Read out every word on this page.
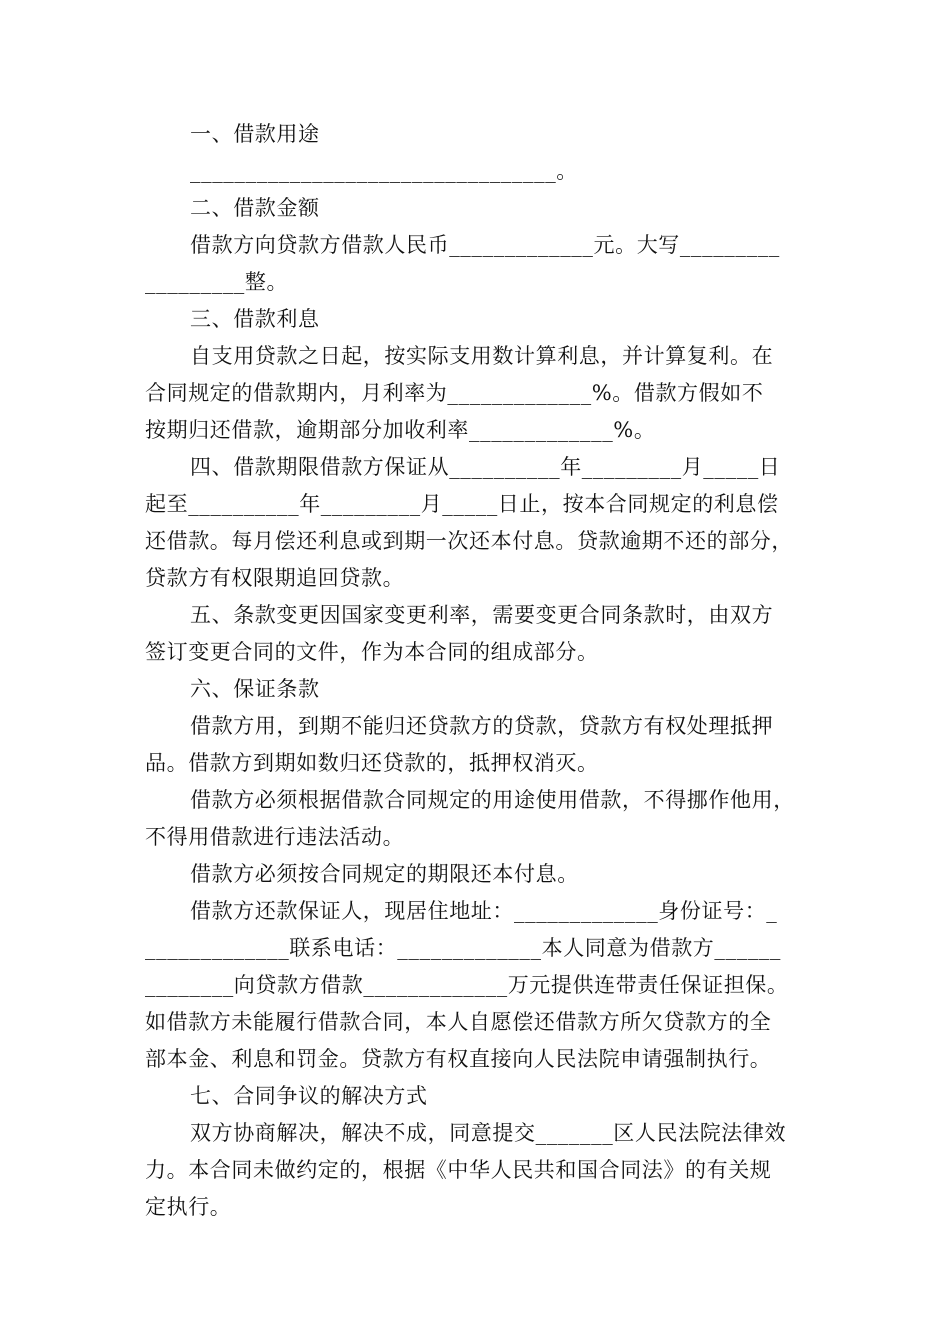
一、借款用途
_________________________________。
二、借款金额
借款方向贷款方借款人民币_____________元。大写_________
_________整。
三、借款利息
自支用贷款之日起，按实际支用数计算利息，并计算复利。在
合同规定的借款期内，月利率为_____________%。借款方假如不
按期归还借款，逾期部分加收利率_____________%。
四、借款期限借款方保证从__________年_________月_____日
起至__________年_________月_____日止，按本合同规定的利息偿
还借款。每月偿还利息或到期一次还本付息。贷款逾期不还的部分，
贷款方有权限期追回贷款。
五、条款变更因国家变更利率，需要变更合同条款时，由双方
签订变更合同的文件，作为本合同的组成部分。
六、保证条款
借款方用，到期不能归还贷款方的贷款，贷款方有权处理抵押
品。借款方到期如数归还贷款的，抵押权消灭。
借款方必须根据借款合同规定的用途使用借款，不得挪作他用，
不得用借款进行违法活动。
借款方必须按合同规定的期限还本付息。
借款方还款保证人，现居住地址：_____________身份证号：_
_____________联系电话：_____________本人同意为借款方______
________向贷款方借款_____________万元提供连带责任保证担保。
如借款方未能履行借款合同，本人自愿偿还借款方所欠贷款方的全
部本金、利息和罚金。贷款方有权直接向人民法院申请强制执行。
七、合同争议的解决方式
双方协商解决，解决不成，同意提交_______区人民法院法律效
力。本合同未做约定的，根据《中华人民共和国合同法》的有关规
定执行。
